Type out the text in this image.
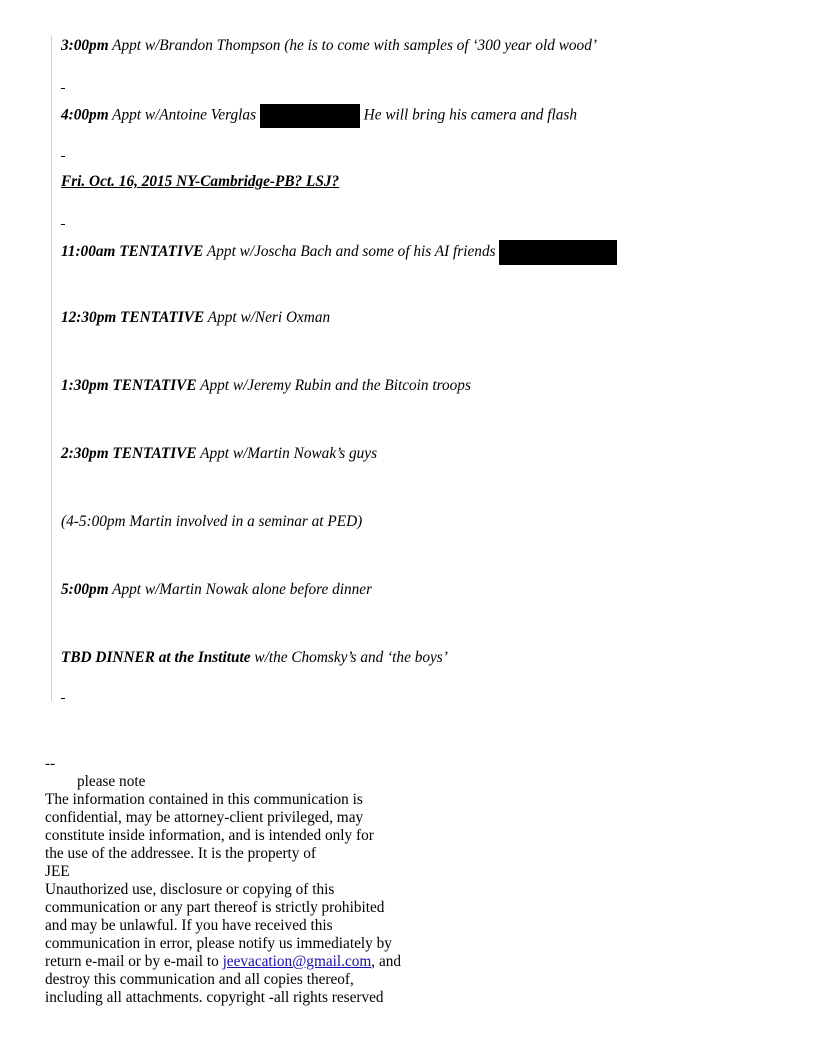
3:00pm Appt w/Brandon Thompson (he is to come with samples of ‘300 year old wood’
4:00pm Appt w/Antoine Verglas	He will bring his camera and flash
Fri. Oct. 16, 2015 NY-Cambridge-PB? LSJ?
11:00am TENTATIVE Appt w/Joscha Bach and some of his AI friends
12:30pm TENTATIVE Appt w/Neri Oxman
1:30pm TENTATIVE Appt w/Jeremy Rubin and the Bitcoin troops
2:30pm TENTATIVE Appt w/Martin Nowak’s guys
(4-5:00pm Martin involved in a seminar at PED)
5:00pm Appt w/Martin Nowak alone before dinner
TBD DINNER at the Institute w/the Chomsky’s and ‘the boys’
--
please note
The information contained in this communication is
confidential, may be attorney-client privileged, may
constitute inside information, and is intended only for
the use of the addressee. It is the property of
JEE
Unauthorized use, disclosure or copying of this
communication or any part thereof is strictly prohibited
and may be unlawful. If you have received this
communication in error, please notify us immediately by
return e-mail or by e-mail to jeevacation@gmail.com, and
destroy this communication and all copies thereof,
including all attachments. copyright -all rights reserved
